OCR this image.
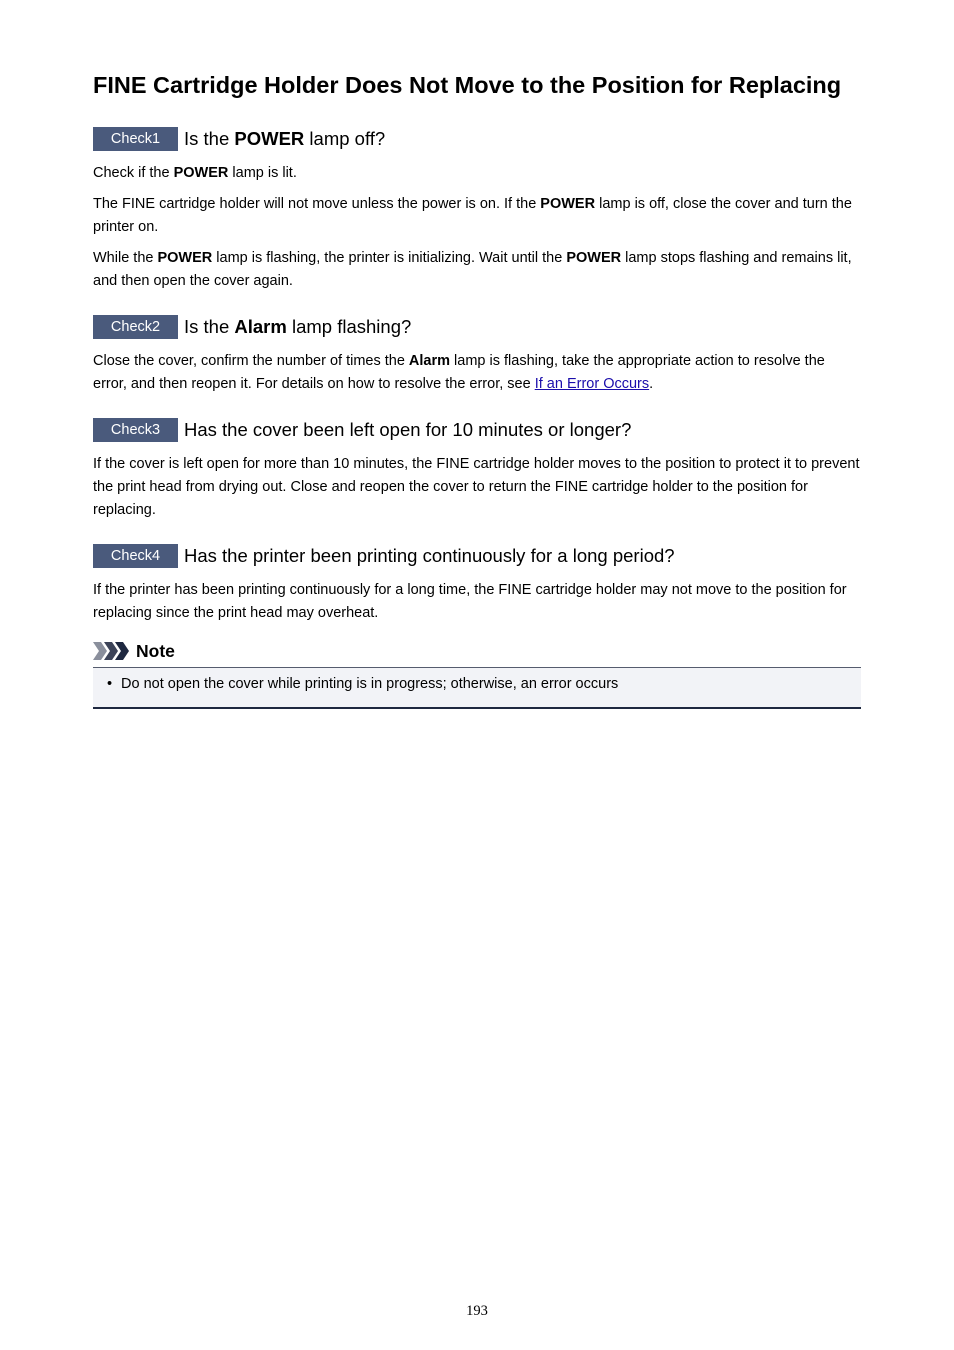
FINE Cartridge Holder Does Not Move to the Position for Replacing
Check1	Is the POWER lamp off?

Check if the POWER lamp is lit.

The FINE cartridge holder will not move unless the power is on. If the POWER lamp is off, close the cover and turn the printer on.

While the POWER lamp is flashing, the printer is initializing. Wait until the POWER lamp stops flashing and remains lit, and then open the cover again.

Check2	Is the Alarm lamp flashing?

Close the cover, confirm the number of times the Alarm lamp is flashing, take the appropriate action to resolve the error, and then reopen it. For details on how to resolve the error, see If an Error Occurs.

Check3	Has the cover been left open for 10 minutes or longer?

If the cover is left open for more than 10 minutes, the FINE cartridge holder moves to the position to protect it to prevent the print head from drying out. Close and reopen the cover to return the FINE cartridge holder to the position for replacing.

Check4	Has the printer been printing continuously for a long period?

If the printer has been printing continuously for a long time, the FINE cartridge holder may not move to the position for replacing since the print head may overheat.

Note
• Do not open the cover while printing is in progress; otherwise, an error occurs
193
